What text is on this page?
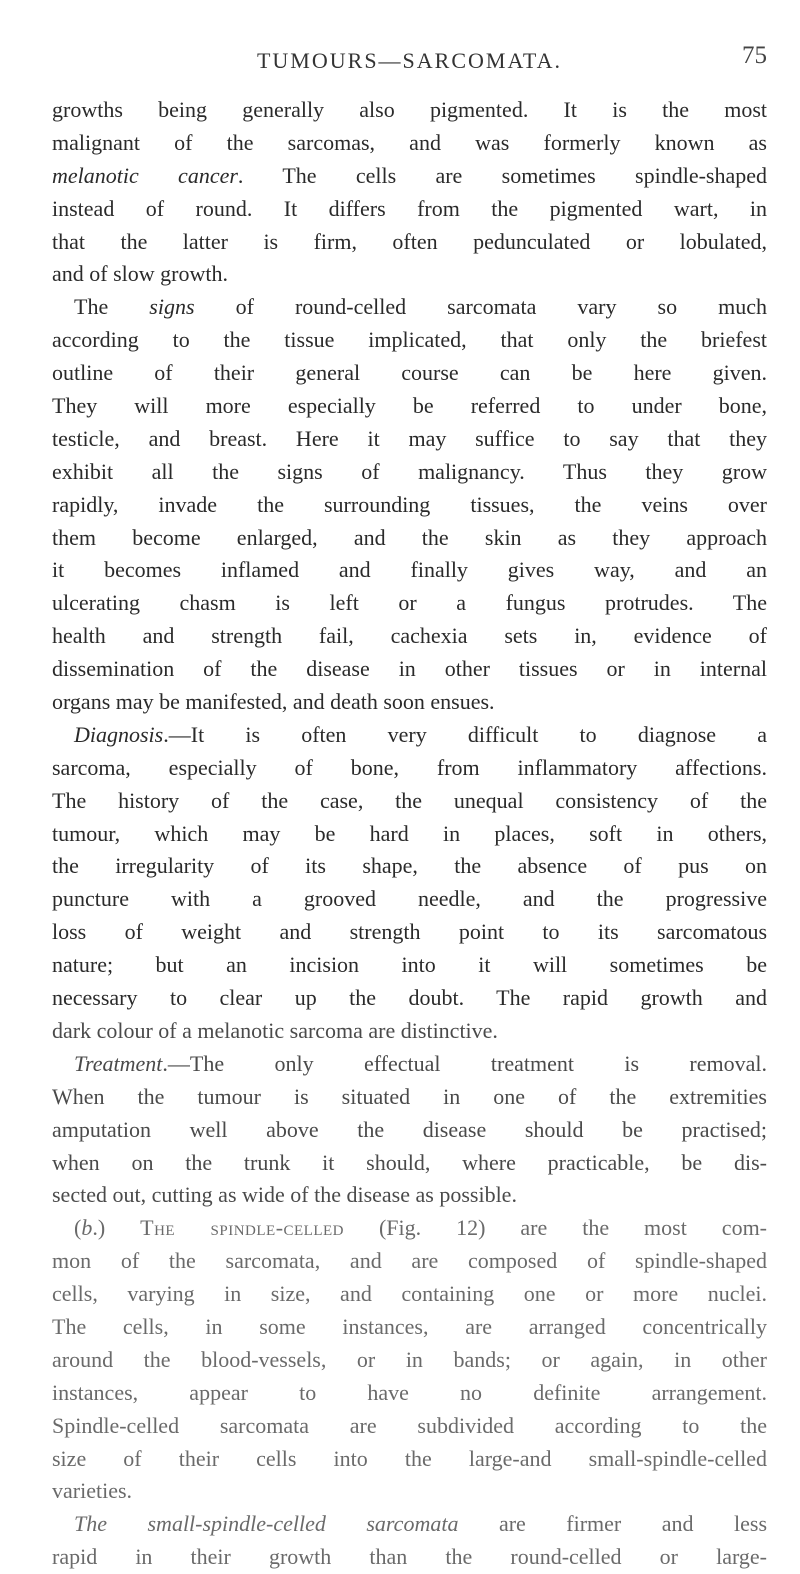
TUMOURS—SARCOMATA.	75
growths being generally also pigmented. It is the most
malignant of the sarcomas, and was formerly known as
melanotic cancer. The cells are sometimes spindle-shaped
instead of round. It differs from the pigmented wart, in
that the latter is firm, often pedunculated or lobulated,
and of slow growth.
The signs of round-celled sarcomata vary so much
according to the tissue implicated, that only the briefest
outline of their general course can be here given.
They will more especially be referred to under bone,
testicle, and breast. Here it may suffice to say that they
exhibit all the signs of malignancy. Thus they grow
rapidly, invade the surrounding tissues, the veins over
them become enlarged, and the skin as they approach
it becomes inflamed and finally gives way, and an
ulcerating chasm is left or a fungus protrudes. The
health and strength fail, cachexia sets in, evidence of
dissemination of the disease in other tissues or in internal
organs may be manifested, and death soon ensues.
Diagnosis.—It is often very difficult to diagnose a
sarcoma, especially of bone, from inflammatory affections.
The history of the case, the unequal consistency of the
tumour, which may be hard in places, soft in others,
the irregularity of its shape, the absence of pus on
puncture with a grooved needle, and the progressive
loss of weight and strength point to its sarcomatous
nature; but an incision into it will sometimes be
necessary to clear up the doubt. The rapid growth and
dark colour of a melanotic sarcoma are distinctive.
Treatment.—The only effectual treatment is removal.
When the tumour is situated in one of the extremities
amputation well above the disease should be practised;
when on the trunk it should, where practicable, be dis-
sected out, cutting as wide of the disease as possible.
(b.) The spindle-celled (Fig. 12) are the most com-
mon of the sarcomata, and are composed of spindle-shaped
cells, varying in size, and containing one or more nuclei.
The cells, in some instances, are arranged concentrically
around the blood-vessels, or in bands; or again, in other
instances, appear to have no definite arrangement.
Spindle-celled sarcomata are subdivided according to the
size of their cells into the large-and small-spindle-celled
varieties.
The small-spindle-celled sarcomata are firmer and less
rapid in their growth than the round-celled or large-
